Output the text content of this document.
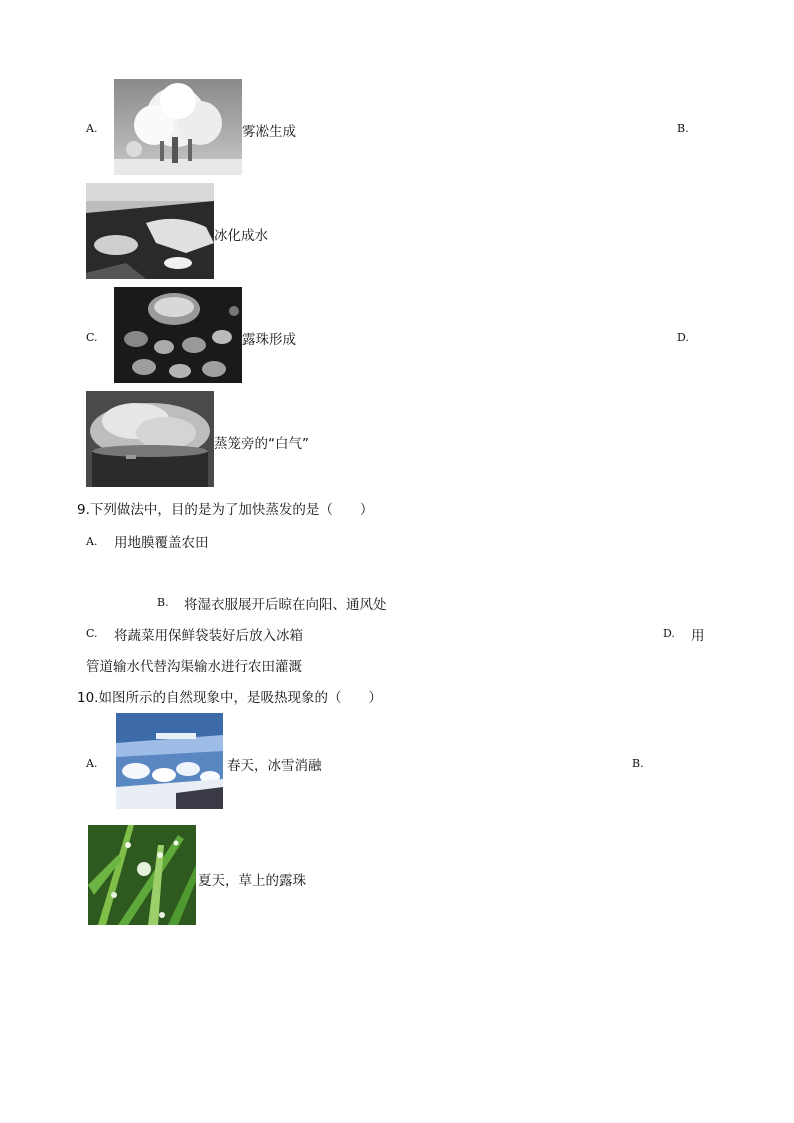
A.	雾凇生成	B.
冰化成水
C.	露珠形成	D.
蒸笼旁的“白气”
9.下列做法中，目的是为了加快蒸发的是（　　）
A. 用地膜覆盖农田
B. 将湿衣服展开后晾在向阳、通风处
C. 将蔬菜用保鲜袋装好后放入冰箱	D. 用
管道输水代替沟渠输水进行农田灌溉
10.如图所示的自然现象中，是吸热现象的（　　）
A.	春天，冰雪消融	B.
夏天，草上的露珠
